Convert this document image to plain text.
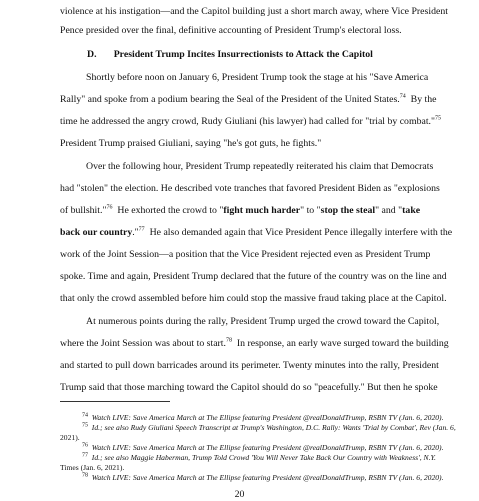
violence at his instigation—and the Capitol building just a short march away, where Vice President
Pence presided over the final, definitive accounting of President Trump's electoral loss.
D. President Trump Incites Insurrectionists to Attack the Capitol
Shortly before noon on January 6, President Trump took the stage at his "Save America
Rally" and spoke from a podium bearing the Seal of the President of the United States.$^{74}$ By the
time he addressed the angry crowd, Rudy Giuliani (his lawyer) had called for "trial by combat."$^{75}$
President Trump praised Giuliani, saying "he's got guts, he fights."
Over the following hour, President Trump repeatedly reiterated his claim that Democrats
had "stolen" the election. He described vote tranches that favored President Biden as "explosions
of bullshit."$^{76}$ He exhorted the crowd to "fight much harder" to "stop the steal" and "take
back our country."$^{77}$ He also demanded again that Vice President Pence illegally interfere with the
work of the Joint Session—a position that the Vice President rejected even as President Trump
spoke. Time and again, President Trump declared that the future of the country was on the line and
that only the crowd assembled before him could stop the massive fraud taking place at the Capitol.
At numerous points during the rally, President Trump urged the crowd toward the Capitol,
where the Joint Session was about to start.$^{78}$ In response, an early wave surged toward the building
and started to pull down barricades around its perimeter. Twenty minutes into the rally, President
Trump said that those marching toward the Capitol should do so "peacefully." But then he spoke
$^{74}$ Watch LIVE: Save America March at The Ellipse featuring President @realDonaldTrump, RSBN TV (Jan. 6, 2020).
$^{75}$ Id.; see also Rudy Giuliani Speech Transcript at Trump's Washington, D.C. Rally: Wants 'Trial by Combat', Rev (Jan. 6,
2021).
$^{76}$ Watch LIVE: Save America March at The Ellipse featuring President @realDonaldTrump, RSBN TV (Jan. 6, 2020).
$^{77}$ Id.; see also Maggie Haberman, Trump Told Crowd 'You Will Never Take Back Our Country with Weakness', N.Y.
Times (Jan. 6, 2021).
$^{78}$ Watch LIVE: Save America March at The Ellipse featuring President @realDonaldTrump, RSBN TV (Jan. 6, 2020).
20
